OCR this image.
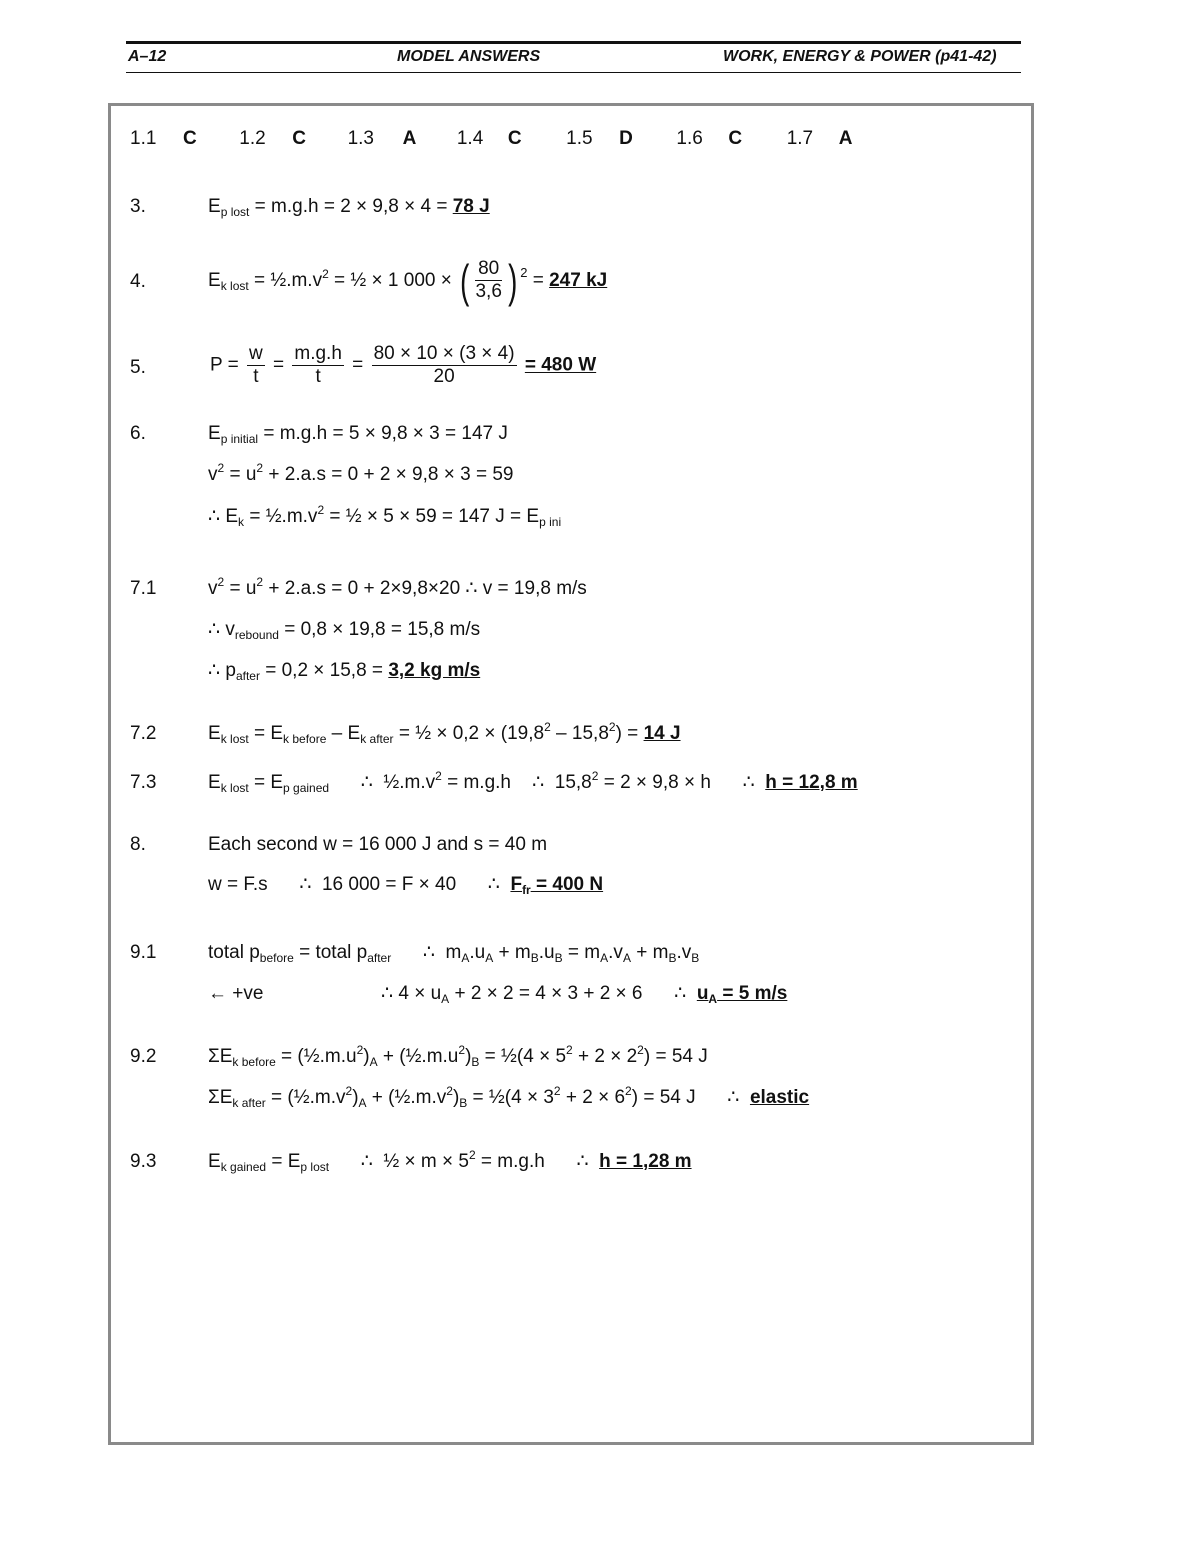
A–12	MODEL ANSWERS	WORK, ENERGY & POWER (p41-42)
1.1 C 1.2 C 1.3 A 1.4 C 1.5 D 1.6 C 1.7 A
3.	$E_{p lost} = m.g.h = 2 \times 9,8 \times 4 = 78$ J
4.	$E_{k lost}$ = $\frac{1}{2}.m.v^2$ = ½ × 1 000 × ( $\frac{80}{3,6}$ ) 2 = 247 kJ
5.	$P = \frac{w}{t} = \frac{m.g.h}{t} = \frac{80 \times 10 \times (3 \times 4)}{20} = 480$ W
6.	$E_{p initial} = m.g.h = 5 \times 9,8 \times 3 = 147$ J
$v^2 = u^2 + 2.a.s = 0 + 2 \times 9,8 \times 3 = 59$
∴ $E_k$ = $\frac{1}{2}.m.v^2$ = ½ × 5 × 59 = 147 $J = E_{p ini}$
7.1	$v^2 = u^2 + 2.a.s = 0 + 2\times 9,8\times 20$ ∴ v = 19,8 m/s
∴ $v_{rebound} = 0,8 \times 19,8 = 15,8$ m/s
∴ $p_{after} = 0,2 \times 15,8 = 3,2$ kg m/s
7.2	$E_{k lost} = E_{k before} - E_{k after}$ = ½ × $0,2 \times (19,8^2 - 15,8^2) = 14$ J
7.3	$E_{k lost} = E_{p gained}$      ∴  $\frac{1}{2}.m.v^2 = m.g.h$    ∴  $15,8^2 = 2 \times 9,8 \times h$      ∴  h = 12,8 m
8.	Each second w = 16 000 J and s = 40 m
w = F.s      ∴  16 000 = F × 40      ∴  $F_{fr} = 400$ N
9.1	total $p_{before}$ = total $p_{after}$      ∴  $m_A.u_A + m_B.u_B = m_A.v_A + m_B.v_B$
← +ve	∴ $4 \times u_A + 2 \times 2 = 4 \times 3 + 2 \times 6$      ∴  $u_A = 5$ m/s
9.2	$\Sigma E_{k before}$ = $(\frac{1}{2}.m.u^2)_A$ + $(\frac{1}{2}.m.u^2)_B$ = ½(4 × $5^2 + 2 \times 2^2) = 54$ J
$\Sigma E_{k after}$ = $(\frac{1}{2}.m.v^2)_A$ + $(\frac{1}{2}.m.v^2)_B$ = ½(4 × $3^2 + 2 \times 6^2) = 54$ J      ∴  elastic
9.3	$E_{k gained} = E_{p lost}$      ∴  ½ × $m \times 5^2 = m.g.h$      ∴  h = 1,28 m
